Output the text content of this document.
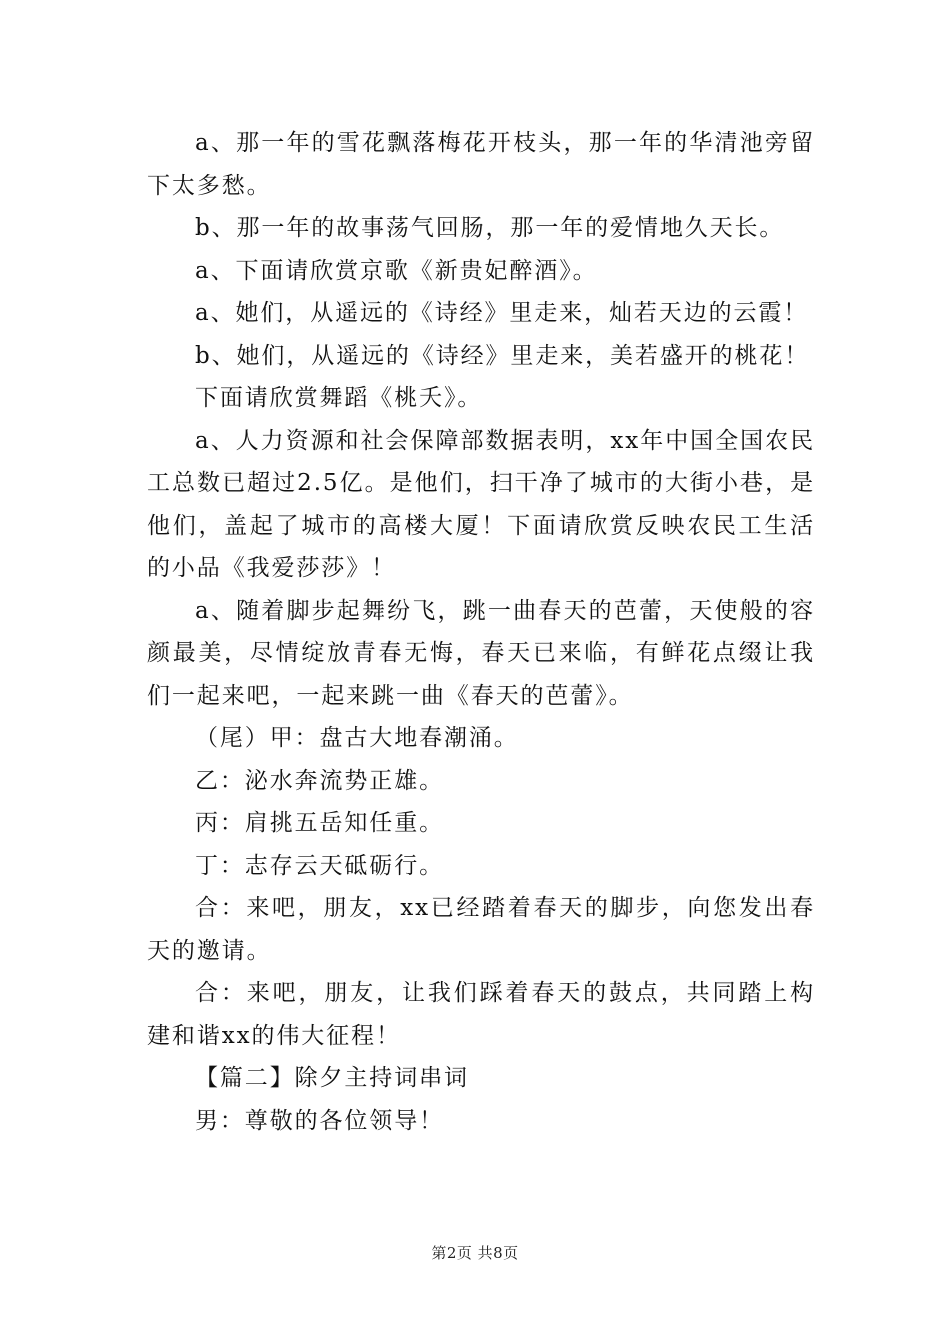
a、那一年的雪花飘落梅花开枝头，那一年的华清池旁留下太多愁。

b、那一年的故事荡气回肠，那一年的爱情地久天长。

a、下面请欣赏京歌《新贵妃醉酒》。

a、她们，从遥远的《诗经》里走来，灿若天边的云霞！

b、她们，从遥远的《诗经》里走来，美若盛开的桃花！

下面请欣赏舞蹈《桃夭》。

a、人力资源和社会保障部数据表明，xx年中国全国农民工总数已超过2.5亿。是他们，扫干净了城市的大街小巷，是他们，盖起了城市的高楼大厦！下面请欣赏反映农民工生活的小品《我爱莎莎》！

a、随着脚步起舞纷飞，跳一曲春天的芭蕾，天使般的容颜最美，尽情绽放青春无悔，春天已来临，有鲜花点缀让我们一起来吧，一起来跳一曲《春天的芭蕾》。

（尾）甲：盘古大地春潮涌。

乙：泌水奔流势正雄。

丙：肩挑五岳知任重。

丁：志存云天砥砺行。

合：来吧，朋友，xx已经踏着春天的脚步，向您发出春天的邀请。

合：来吧，朋友，让我们踩着春天的鼓点，共同踏上构建和谐xx的伟大征程！

【篇二】除夕主持词串词

男：尊敬的各位领导！

第2页 共8页
